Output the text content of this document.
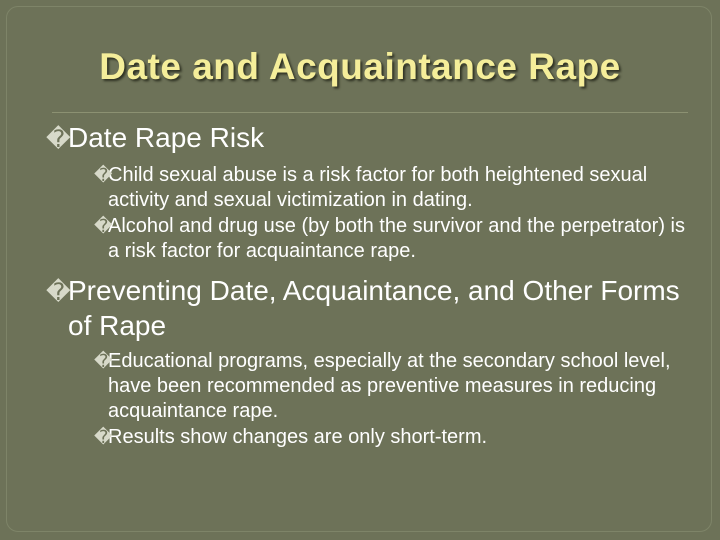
Date and Acquaintance Rape
�Date Rape Risk
�
Child sexual abuse is a risk factor for both heightened sexual activity and sexual victimization in dating.
�
Alcohol and drug use (by both the survivor and the perpetrator) is a risk factor for acquaintance rape.
�Preventing Date, Acquaintance, and Other Forms of Rape
�
Educational programs, especially at the secondary school level, have been recommended as preventive measures in reducing acquaintance rape.
�
Results show changes are only short-term.
